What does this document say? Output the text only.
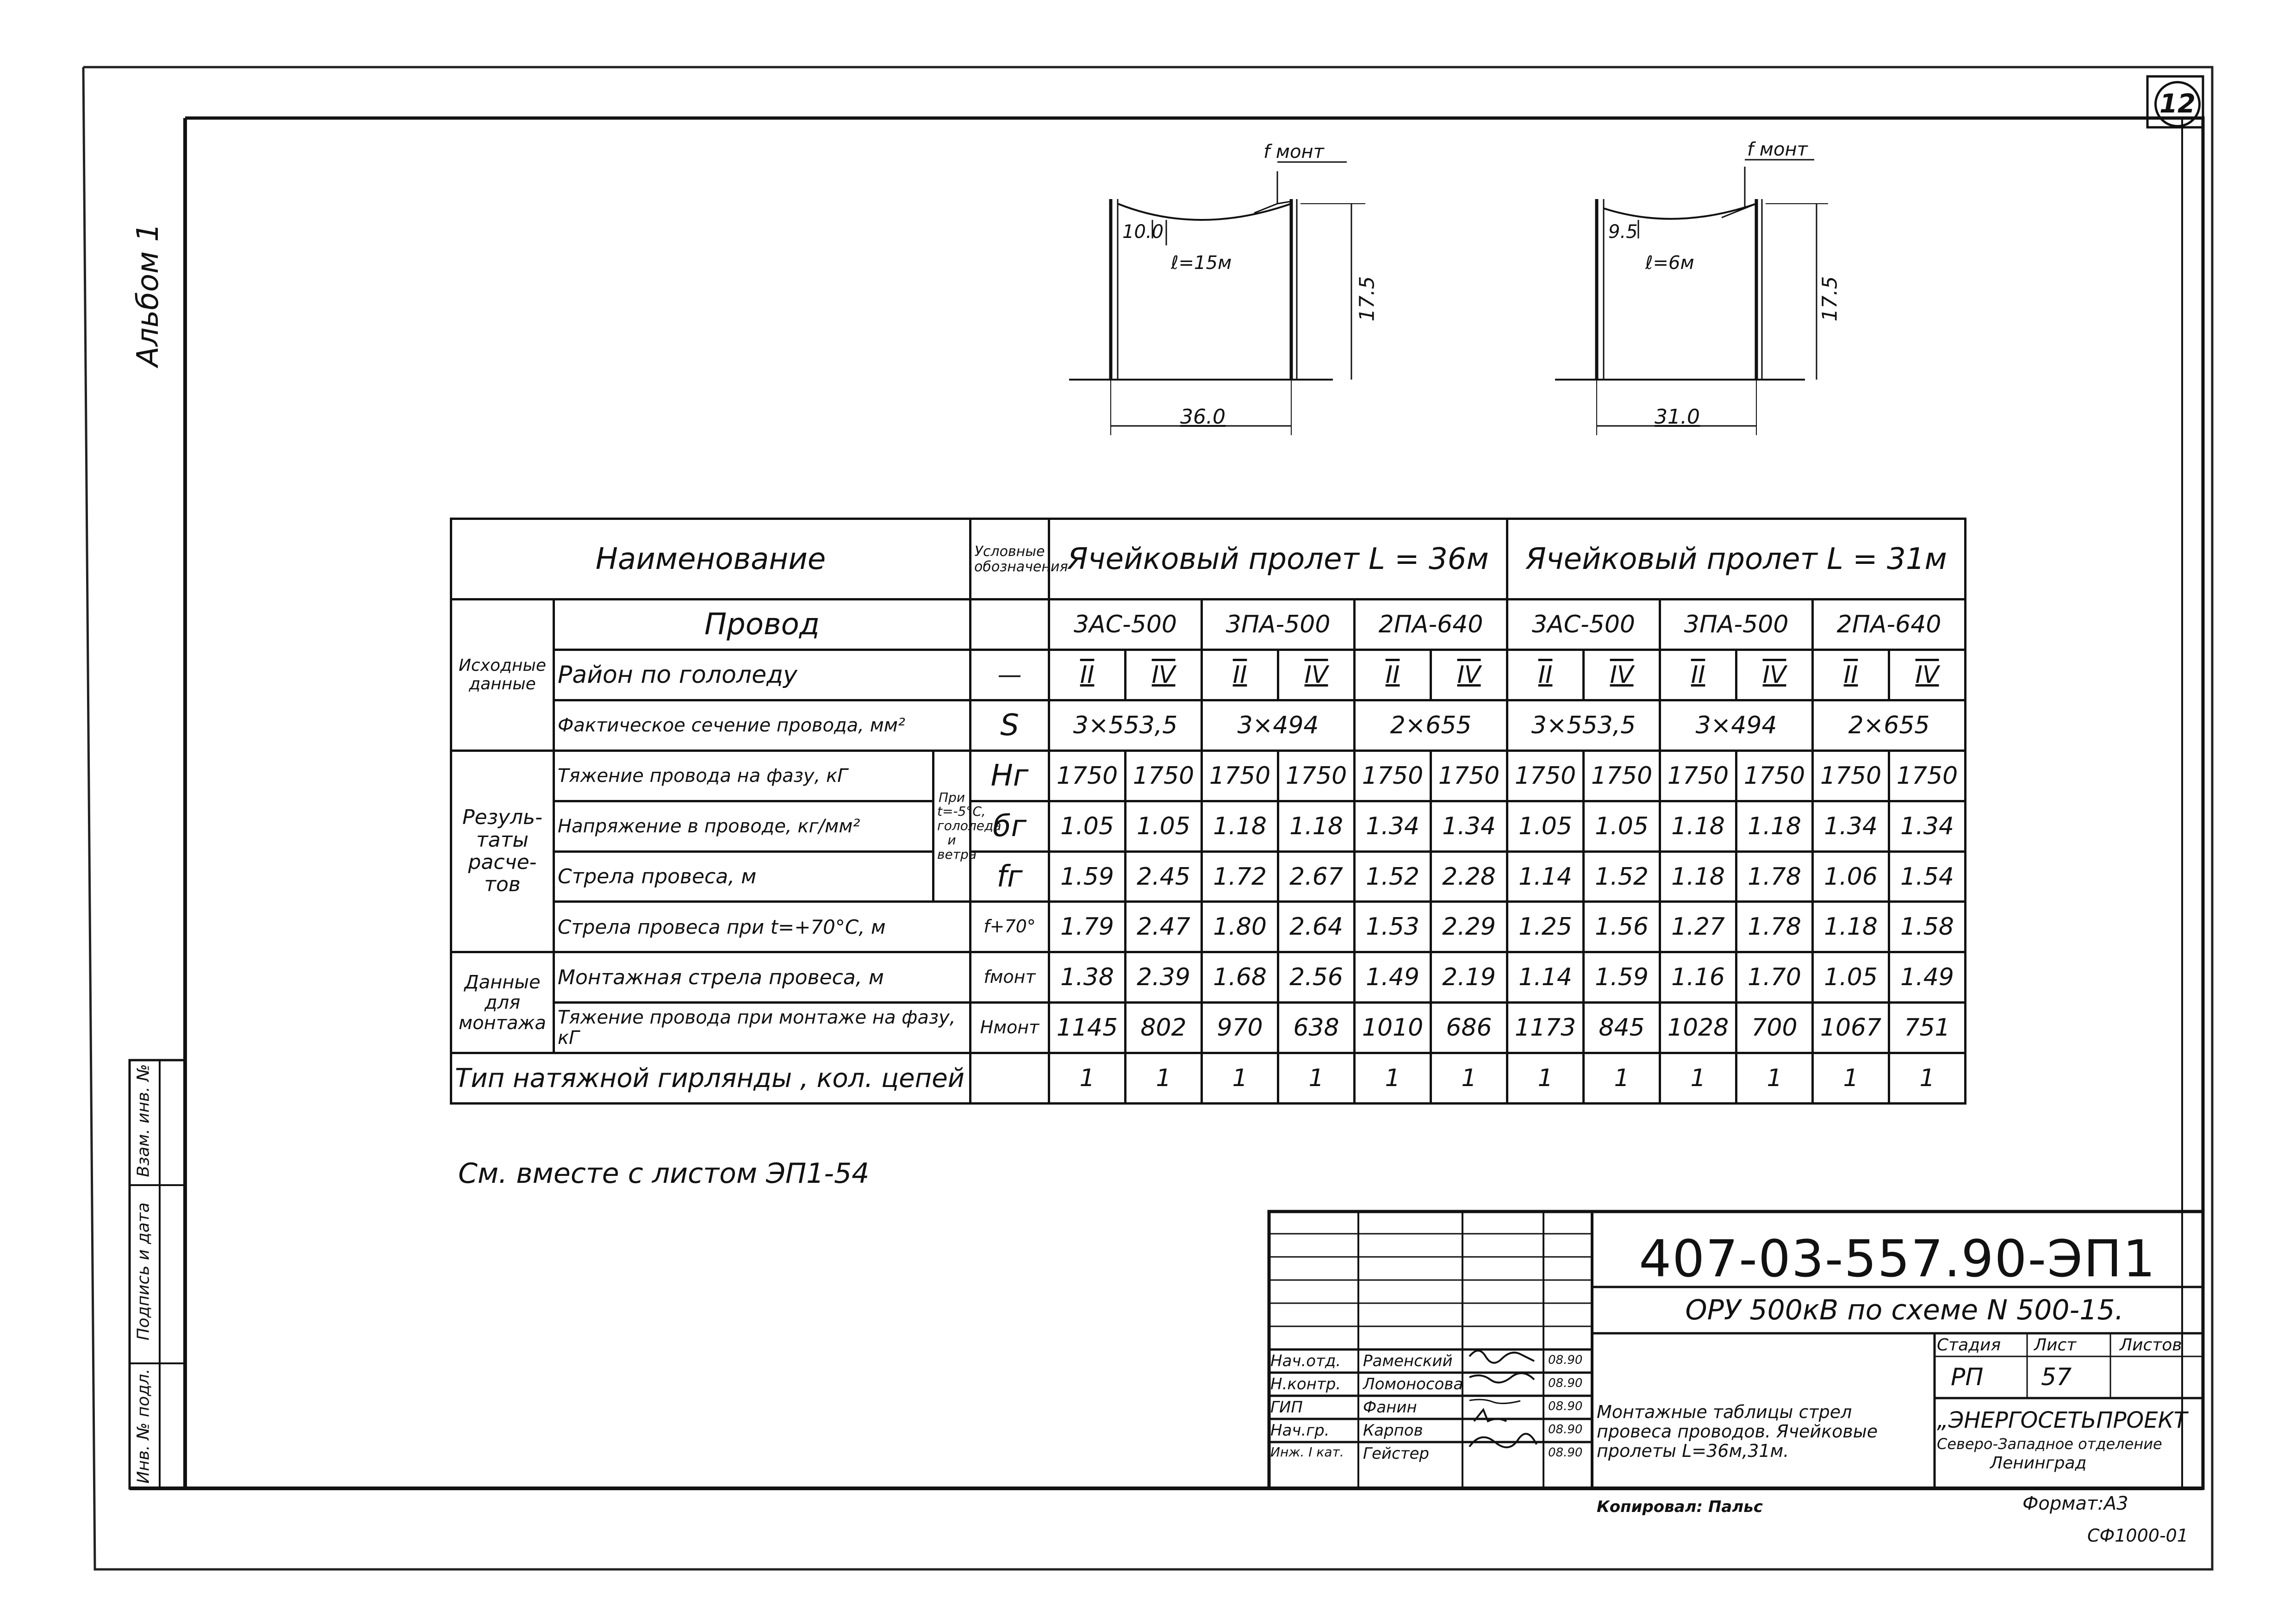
12
Альбом 1
Взам. инв. №
Подпись и дата
Инв. № подл.
f монт
10.0
ℓ=15м
17.5
36.0
f монт
9.5
ℓ=6м
17.5
31.0
Наименование			Условные обозначения	Ячейковый пролет L = 36м						Ячейковый пролет L = 31м					
Исходные данные	Провод			3АС-500		3ПА-500		2ПА-640		3АС-500		3ПА-500		2ПА-640	
	Район по гололеду		—	II	IV	II	IV	II	IV	II	IV	II	IV	II	IV
	Фактическое сечение провода, мм²		S	3×553,5		3×494		2×655		3×553,5		3×494		2×655	
Резуль-таты расче-тов	Тяжение провода на фазу, кГ	При t=-5°C, гололеда и ветра	Hг	1750	1750	1750	1750	1750	1750	1750	1750	1750	1750	1750	1750
	Напряжение в проводе, кг/мм²		бг	1.05	1.05	1.18	1.18	1.34	1.34	1.05	1.05	1.18	1.18	1.34	1.34
	Стрела провеса, м		fг	1.59	2.45	1.72	2.67	1.52	2.28	1.14	1.52	1.18	1.78	1.06	1.54
	Стрела провеса при t=+70°С, м		f+70°	1.79	2.47	1.80	2.64	1.53	2.29	1.25	1.56	1.27	1.78	1.18	1.58
Данные для монтажа	Монтажная стрела провеса, м		fмонт	1.38	2.39	1.68	2.56	1.49	2.19	1.14	1.59	1.16	1.70	1.05	1.49
	Тяжение провода при монтаже на фазу, кГ		Hмонт	1145	802	970	638	1010	686	1173	845	1028	700	1067	751
Тип натяжной гирлянды , кол. цепей				1	1	1	1	1	1	1	1	1	1	1	1
См. вместе с листом ЭП1-54
407-03-557.90-ЭП1
ОРУ 500кВ по схеме N 500-15.
Монтажные таблицы стрел провеса проводов. Ячейковые пролеты L=36м,31м.
Стадия Лист	Листов
РП 57
„ЭНЕРГОСЕТЬПРОЕКТ
Северо-Западное отделение
Ленинград
Нач.отд. Раменский	08.90
Н.контр. Ломоносова	08.90
ГИП	Фанин	08.90
Нач.гр. Карпов	08.90
Инж. I кат. Гейстер	08.90
Копировал: Пальс	Формат:А3
СФ1000-01
